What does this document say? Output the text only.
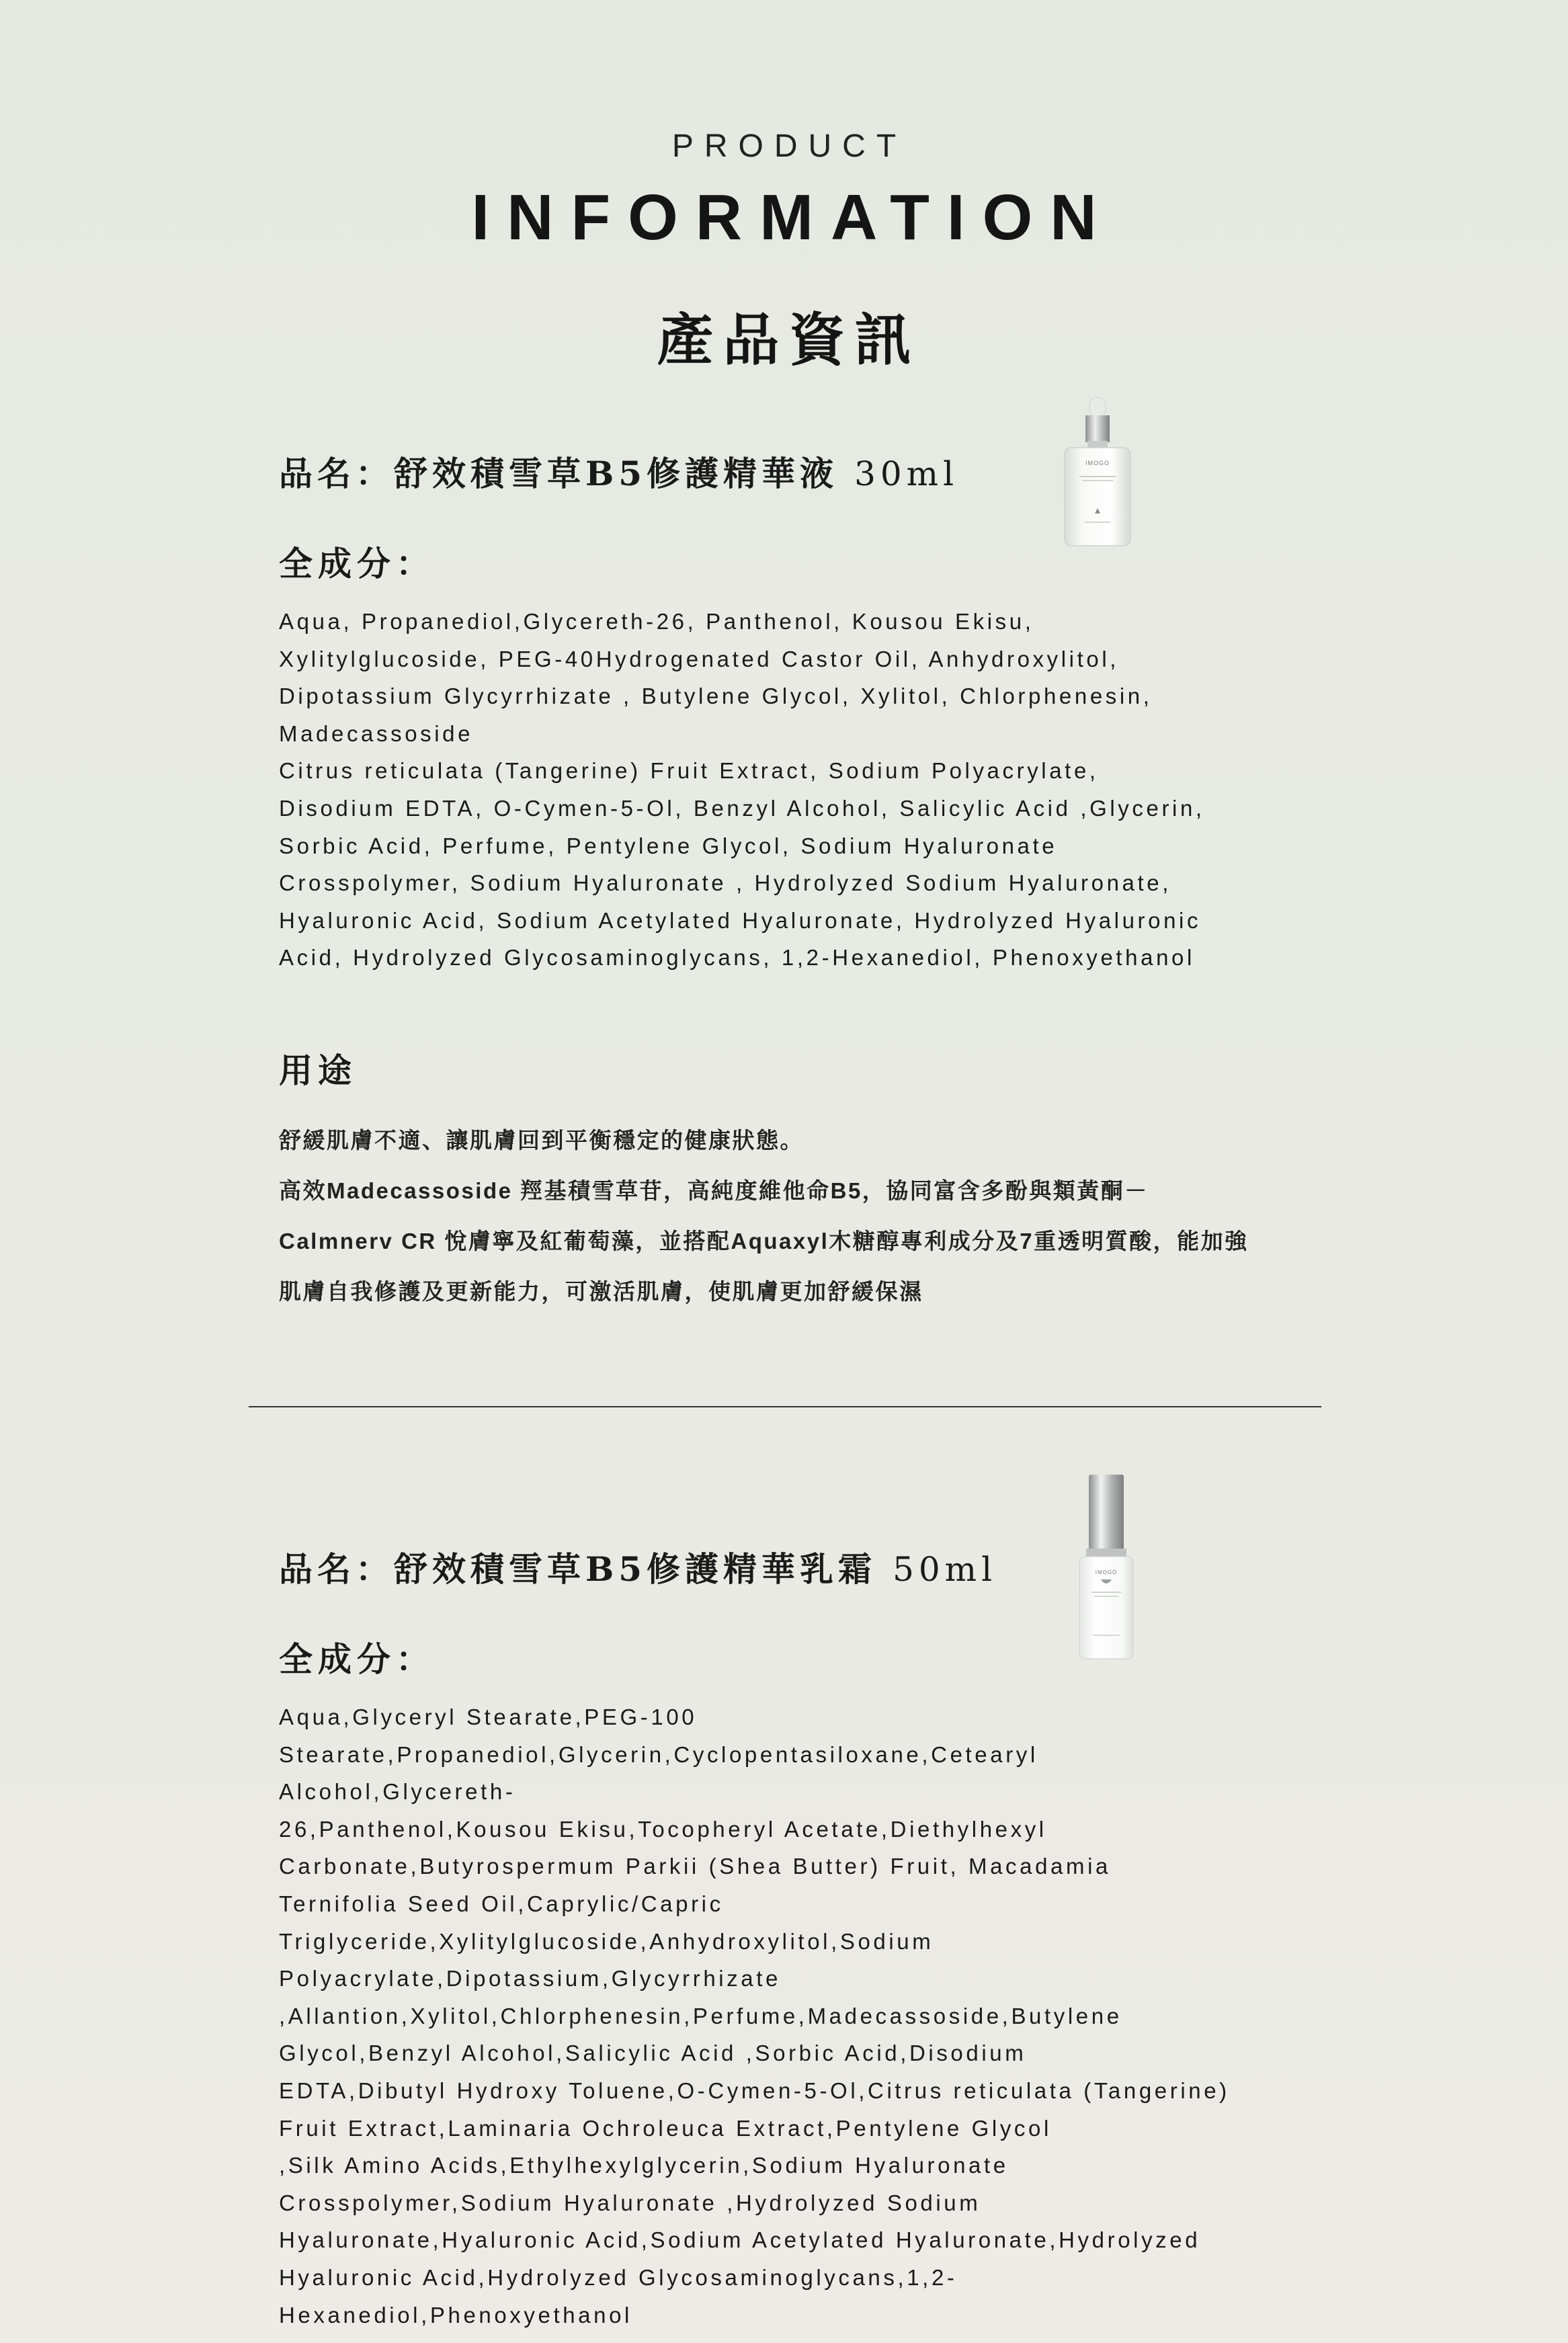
PRODUCT
INFORMATION
產品資訊
IMOGO
IMOGO
品名：舒效積雪草B5修護精華液 30ml
全成分：
Aqua, Propanediol,Glycereth-26, Panthenol, Kousou Ekisu,
Xylitylglucoside, PEG-40Hydrogenated Castor Oil, Anhydroxylitol,
Dipotassium Glycyrrhizate , Butylene Glycol, Xylitol, Chlorphenesin,
Madecassoside
Citrus reticulata (Tangerine) Fruit Extract, Sodium Polyacrylate,
Disodium EDTA, O-Cymen-5-Ol, Benzyl Alcohol, Salicylic Acid ,Glycerin,
Sorbic Acid, Perfume, Pentylene Glycol, Sodium Hyaluronate
Crosspolymer, Sodium Hyaluronate , Hydrolyzed Sodium Hyaluronate,
Hyaluronic Acid, Sodium Acetylated Hyaluronate, Hydrolyzed Hyaluronic
Acid, Hydrolyzed Glycosaminoglycans, 1,2-Hexanediol, Phenoxyethanol
用途
舒緩肌膚不適、讓肌膚回到平衡穩定的健康狀態。
高效Madecassoside 羥基積雪草苷，高純度維他命B5，協同富含多酚與類黃酮－
Calmnerv CR 悅膚寧及紅葡萄藻，並搭配Aquaxyl木糖醇專利成分及7重透明質酸，能加強
肌膚自我修護及更新能力，可激活肌膚，使肌膚更加舒緩保濕
品名：舒效積雪草B5修護精華乳霜 50ml
全成分：
Aqua,Glyceryl Stearate,PEG-100
Stearate,Propanediol,Glycerin,Cyclopentasiloxane,Cetearyl
Alcohol,Glycereth-
26,Panthenol,Kousou Ekisu,Tocopheryl Acetate,Diethylhexyl
Carbonate,Butyrospermum Parkii (Shea Butter) Fruit, Macadamia
Ternifolia Seed Oil,Caprylic/Capric
Triglyceride,Xylitylglucoside,Anhydroxylitol,Sodium
Polyacrylate,Dipotassium,Glycyrrhizate
,Allantion,Xylitol,Chlorphenesin,Perfume,Madecassoside,Butylene
Glycol,Benzyl Alcohol,Salicylic Acid ,Sorbic Acid,Disodium
EDTA,Dibutyl Hydroxy Toluene,O-Cymen-5-Ol,Citrus reticulata (Tangerine)
Fruit Extract,Laminaria Ochroleuca Extract,Pentylene Glycol
,Silk Amino Acids,Ethylhexylglycerin,Sodium Hyaluronate
Crosspolymer,Sodium Hyaluronate ,Hydrolyzed Sodium
Hyaluronate,Hyaluronic Acid,Sodium Acetylated Hyaluronate,Hydrolyzed
Hyaluronic Acid,Hydrolyzed Glycosaminoglycans,1,2-
Hexanediol,Phenoxyethanol
